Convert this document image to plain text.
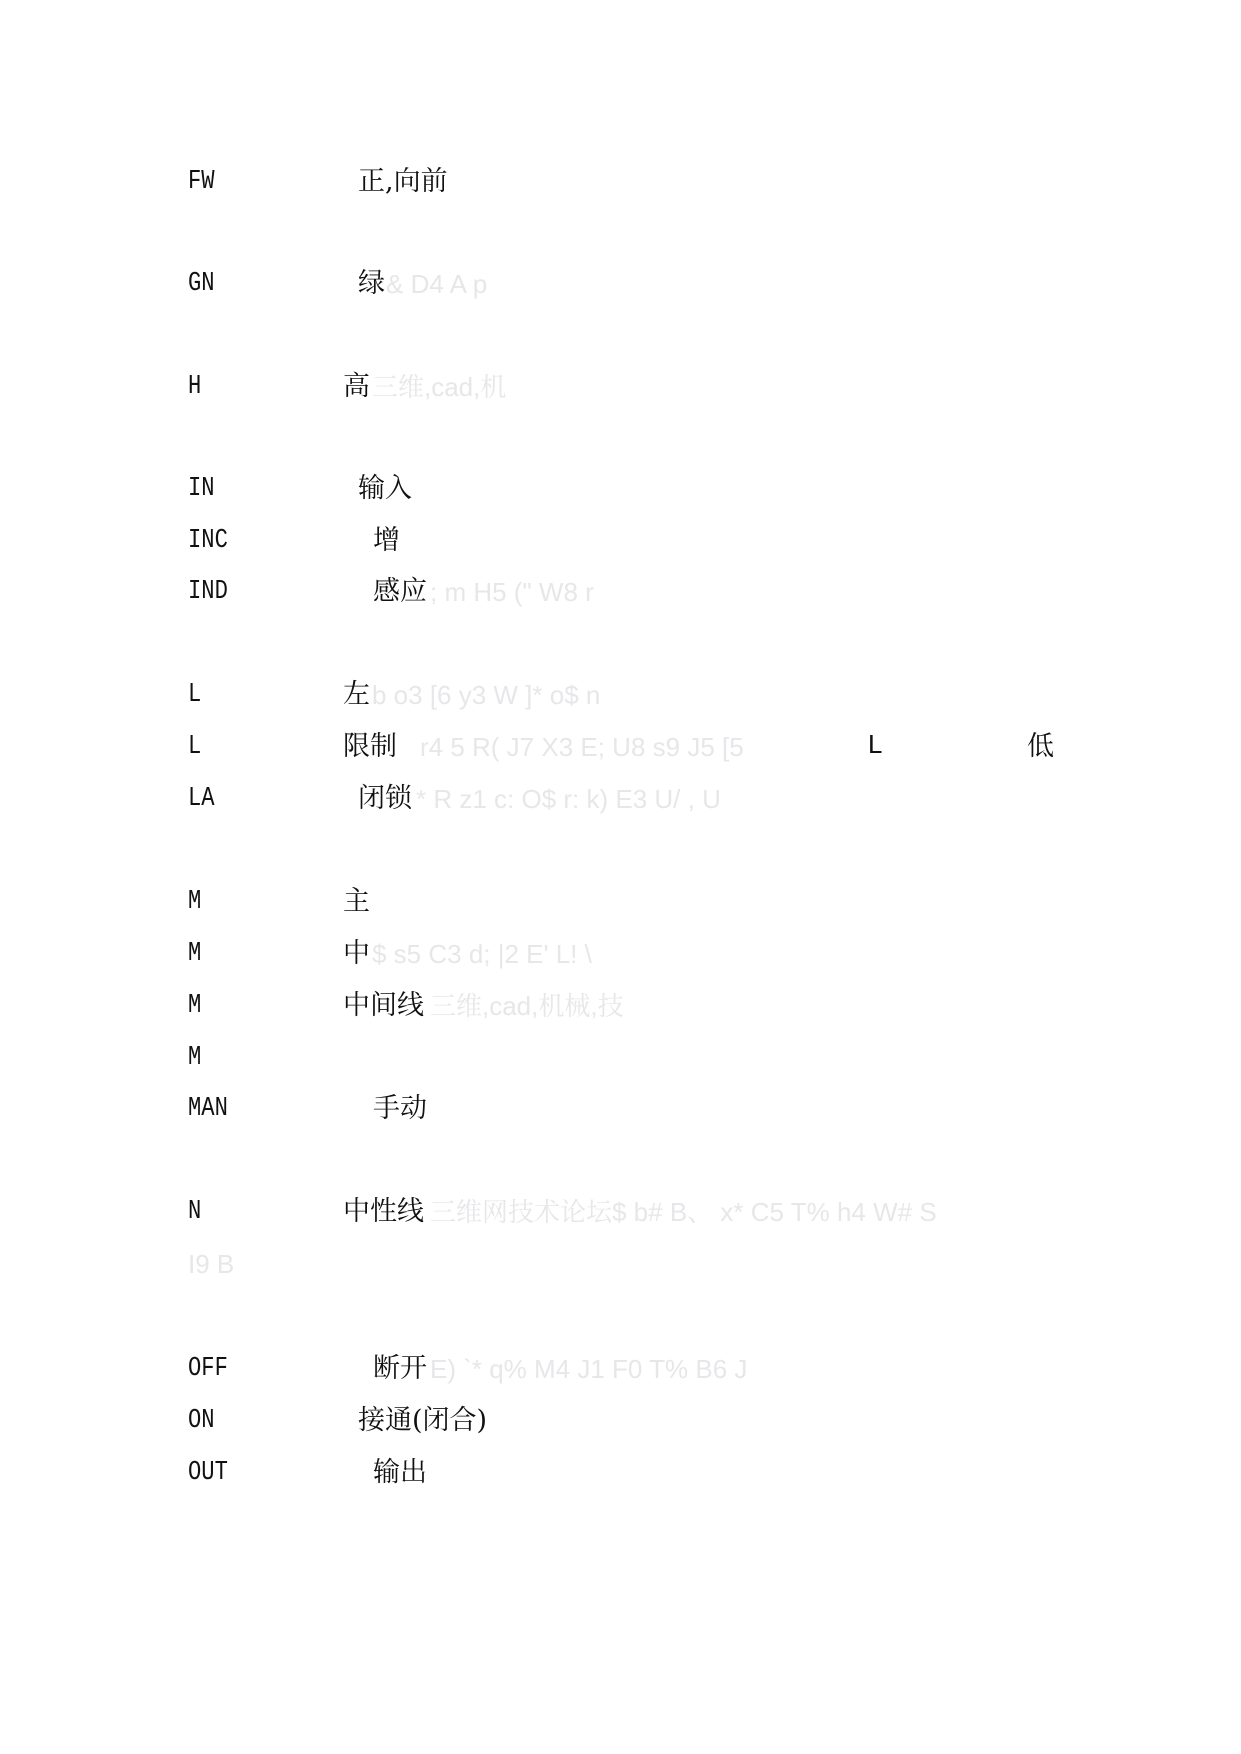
FW	正,向前
GN	绿 & D4 A p
H	高 三维,cad,机
IN	输入
INC	增
IND	感应 ; m H5 (" W8 r
L	左 b o3 [6 y3 W ]* o$ n
L	限制 r4 5 R( J7 X3 E; U8 s9 J5 [5	L	低
LA	闭锁 * R z1 c: O$ r: k) E3 U/ , U
M	主
M	中 $ s5 C3 d; |2 E' L! \
M	中间线 三维,cad,机械,技
M
MAN	手动
N	中性线 三维网技术论坛$ b# B、 x* C5 T% h4 W# S
I9 B
OFF	断开 E) `* q% M4 J1 F0 T% B6 J
ON	接通(闭合)
OUT	输出
